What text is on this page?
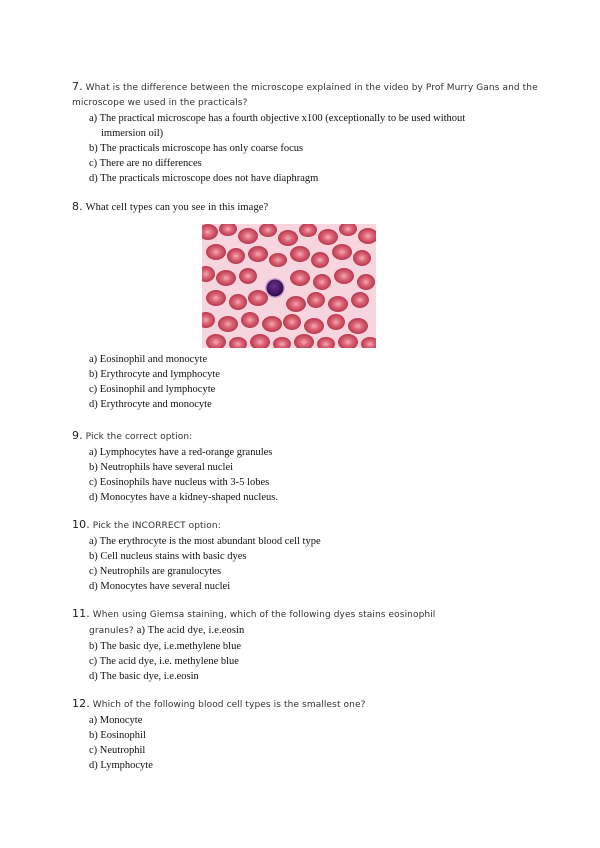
7. What is the difference between the microscope explained in the video by Prof Murry Gans and the microscope we used in the practicals?
a) The practical microscope has a fourth objective x100 (exceptionally to be used without
immersion oil)
b) The practicals microscope has only coarse focus
c) There are no differences
d) The practicals microscope does not have diaphragm
8. What cell types can you see in this image?
a) Eosinophil and monocyte
b) Erythrocyte and lymphocyte
c) Eosinophil and lymphocyte
d) Erythrocyte and monocyte
9. Pick the correct option:
a) Lymphocytes have a red-orange granules
b) Neutrophils have several nuclei
c) Eosinophils have nucleus with 3-5 lobes
d) Monocytes have a kidney-shaped nucleus.
10. Pick the INCORRECT option:
a) The erythrocyte is the most abundant blood cell type
b) Cell nucleus stains with basic dyes
c) Neutrophils are granulocytes
d) Monocytes have several nuclei
11. When using Giemsa staining, which of the following dyes stains eosinophil
granules? a) The acid dye, i.e.eosin
b) The basic dye, i.e.methylene blue
c) The acid dye, i.e. methylene blue
d) The basic dye, i.e.eosin
12. Which of the following blood cell types is the smallest one?
a) Monocyte
b) Eosinophil
c) Neutrophil
d) Lymphocyte
